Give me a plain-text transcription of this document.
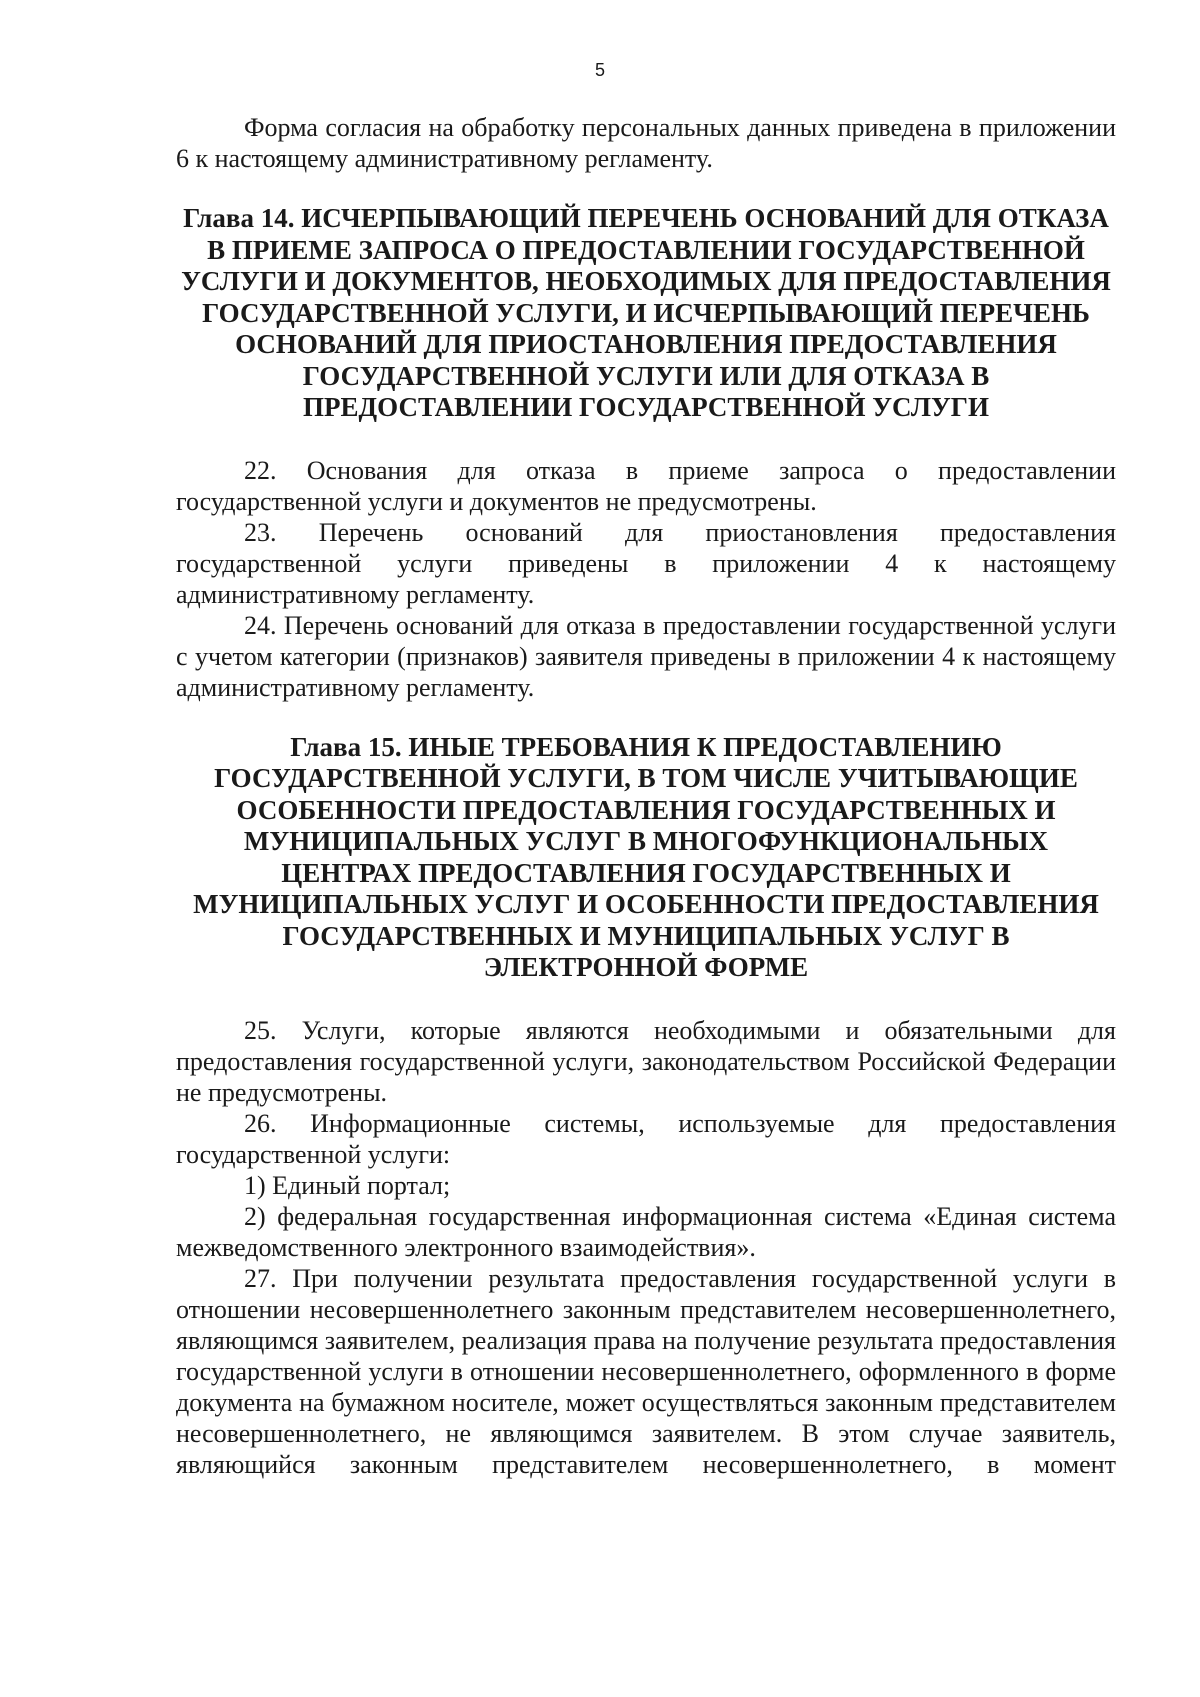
5

Форма согласия на обработку персональных данных приведена в приложении 6 к настоящему административному регламенту.

Глава 14. ИСЧЕРПЫВАЮЩИЙ ПЕРЕЧЕНЬ ОСНОВАНИЙ ДЛЯ ОТКАЗА В ПРИЕМЕ ЗАПРОСА О ПРЕДОСТАВЛЕНИИ ГОСУДАРСТВЕННОЙ УСЛУГИ И ДОКУМЕНТОВ, НЕОБХОДИМЫХ ДЛЯ ПРЕДОСТАВЛЕНИЯ ГОСУДАРСТВЕННОЙ УСЛУГИ, И ИСЧЕРПЫВАЮЩИЙ ПЕРЕЧЕНЬ ОСНОВАНИЙ ДЛЯ ПРИОСТАНОВЛЕНИЯ ПРЕДОСТАВЛЕНИЯ ГОСУДАРСТВЕННОЙ УСЛУГИ ИЛИ ДЛЯ ОТКАЗА В ПРЕДОСТАВЛЕНИИ ГОСУДАРСТВЕННОЙ УСЛУГИ

22. Основания для отказа в приеме запроса о предоставлении государственной услуги и документов не предусмотрены.

23. Перечень оснований для приостановления предоставления государственной услуги приведены в приложении 4 к настоящему административному регламенту.

24. Перечень оснований для отказа в предоставлении государственной услуги с учетом категории (признаков) заявителя приведены в приложении 4 к настоящему административному регламенту.

Глава 15. ИНЫЕ ТРЕБОВАНИЯ К ПРЕДОСТАВЛЕНИЮ ГОСУДАРСТВЕННОЙ УСЛУГИ, В ТОМ ЧИСЛЕ УЧИТЫВАЮЩИЕ ОСОБЕННОСТИ ПРЕДОСТАВЛЕНИЯ ГОСУДАРСТВЕННЫХ И МУНИЦИПАЛЬНЫХ УСЛУГ В МНОГОФУНКЦИОНАЛЬНЫХ ЦЕНТРАХ ПРЕДОСТАВЛЕНИЯ ГОСУДАРСТВЕННЫХ И МУНИЦИПАЛЬНЫХ УСЛУГ И ОСОБЕННОСТИ ПРЕДОСТАВЛЕНИЯ ГОСУДАРСТВЕННЫХ И МУНИЦИПАЛЬНЫХ УСЛУГ В ЭЛЕКТРОННОЙ ФОРМЕ

25. Услуги, которые являются необходимыми и обязательными для предоставления государственной услуги, законодательством Российской Федерации не предусмотрены.

26. Информационные системы, используемые для предоставления государственной услуги:

1) Единый портал;

2) федеральная государственная информационная система «Единая система межведомственного электронного взаимодействия».

27. При получении результата предоставления государственной услуги в отношении несовершеннолетнего законным представителем несовершеннолетнего, являющимся заявителем, реализация права на получение результата предоставления государственной услуги в отношении несовершеннолетнего, оформленного в форме документа на бумажном носителе, может осуществляться законным представителем несовершеннолетнего, не являющимся заявителем. В этом случае заявитель, являющийся законным представителем несовершеннолетнего, в момент
